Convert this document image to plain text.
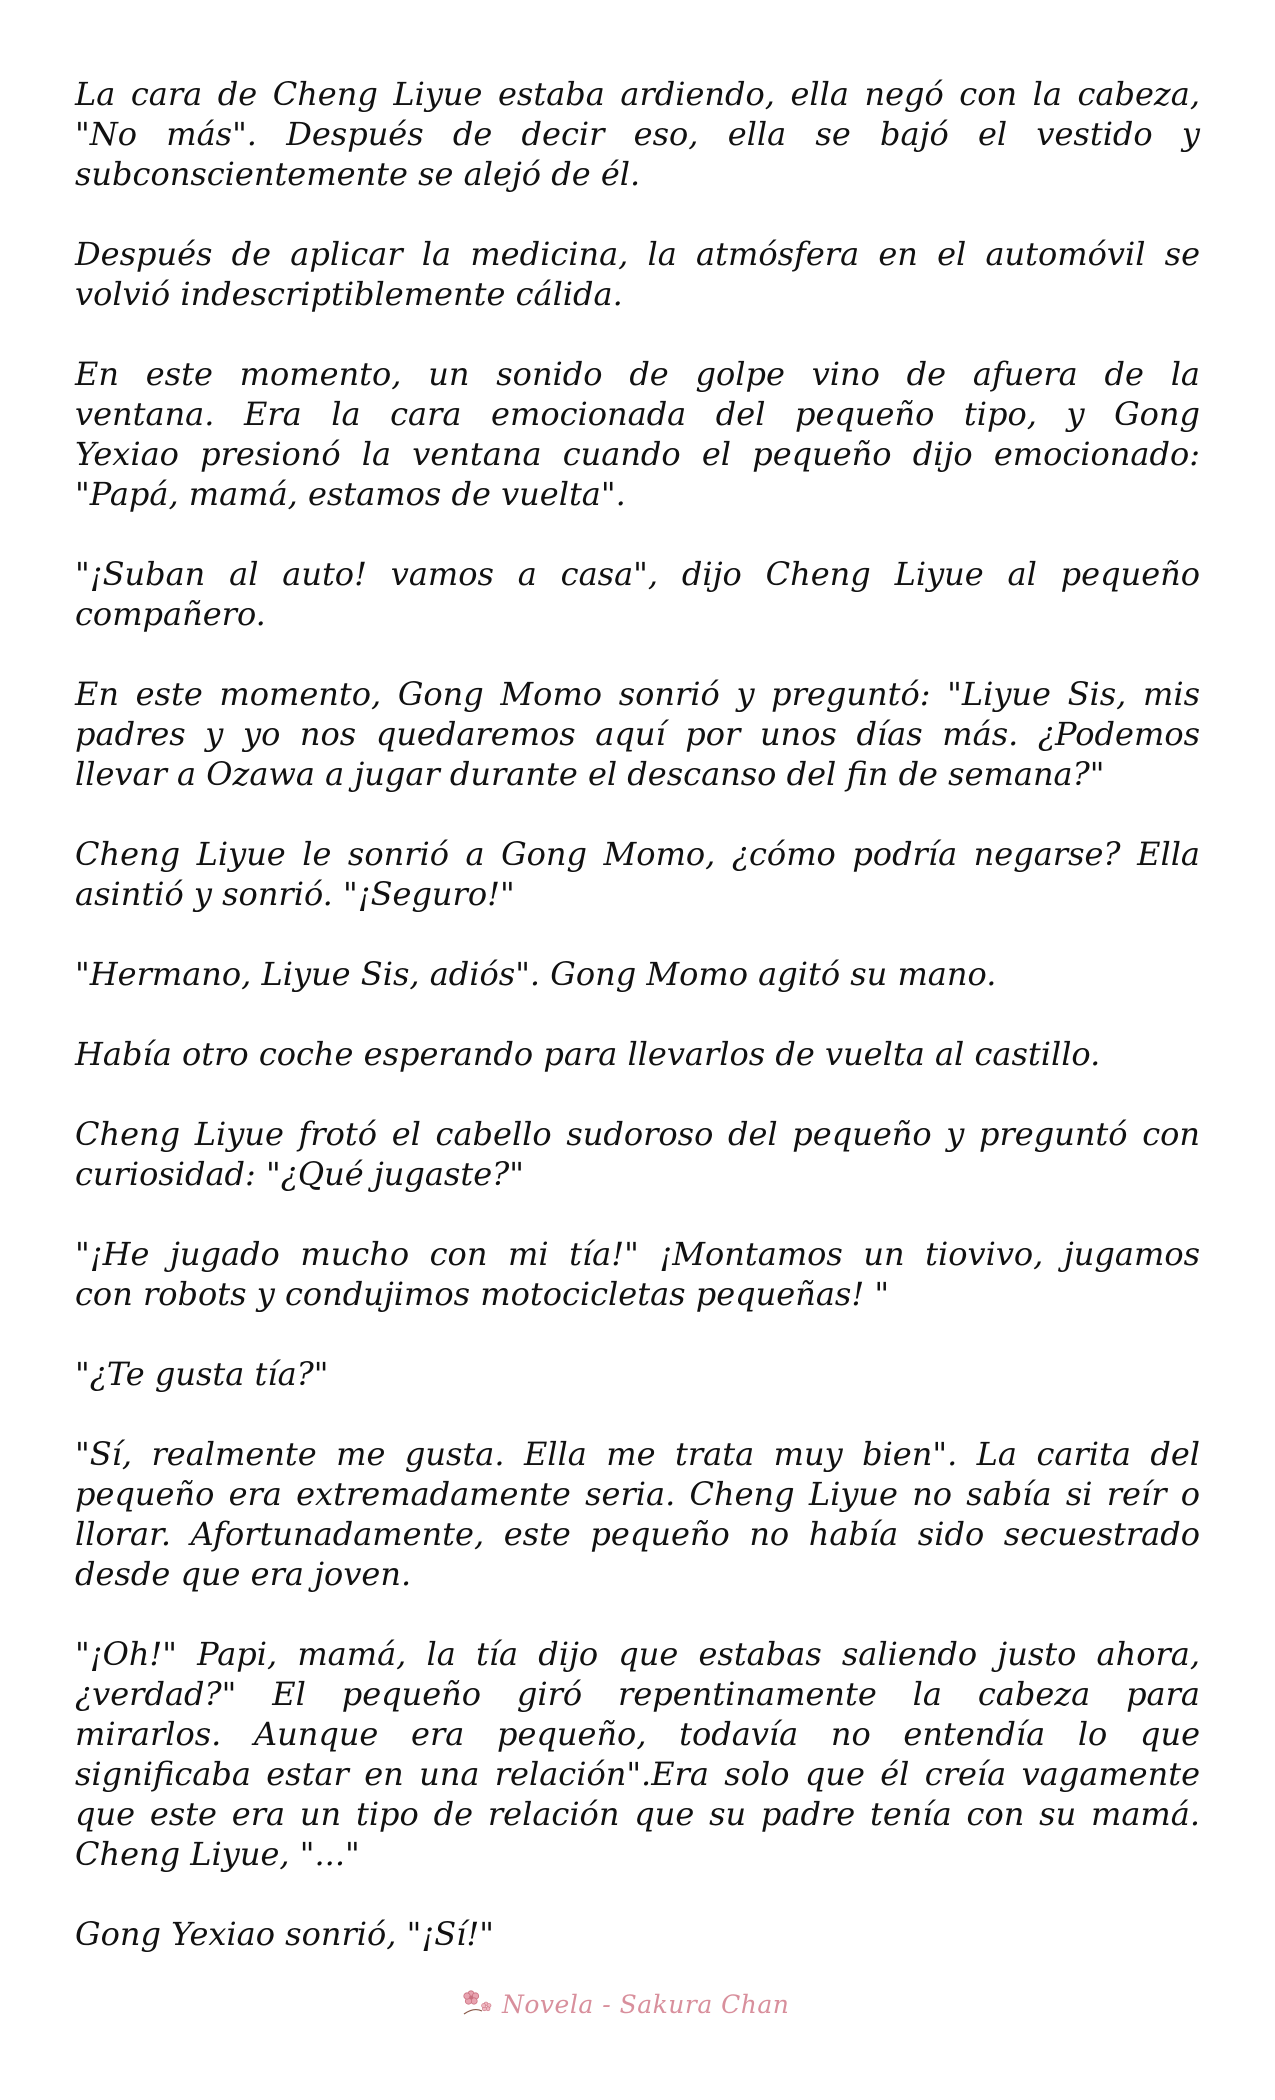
La cara de Cheng Liyue estaba ardiendo, ella negó con la cabeza,
"No más". Después de decir eso, ella se bajó el vestido y
subconscientemente se alejó de él.
Después de aplicar la medicina, la atmósfera en el automóvil se
volvió indescriptiblemente cálida.
En este momento, un sonido de golpe vino de afuera de la
ventana. Era la cara emocionada del pequeño tipo, y Gong
Yexiao presionó la ventana cuando el pequeño dijo emocionado:
"Papá, mamá, estamos de vuelta".
"¡Suban al auto! vamos a casa", dijo Cheng Liyue al pequeño
compañero.
En este momento, Gong Momo sonrió y preguntó: "Liyue Sis, mis
padres y yo nos quedaremos aquí por unos días más. ¿Podemos
llevar a Ozawa a jugar durante el descanso del fin de semana?"
Cheng Liyue le sonrió a Gong Momo, ¿cómo podría negarse? Ella
asintió y sonrió. "¡Seguro!"
"Hermano, Liyue Sis, adiós". Gong Momo agitó su mano.
Había otro coche esperando para llevarlos de vuelta al castillo.
Cheng Liyue frotó el cabello sudoroso del pequeño y preguntó con
curiosidad: "¿Qué jugaste?"
"¡He jugado mucho con mi tía!" ¡Montamos un tiovivo, jugamos
con robots y condujimos motocicletas pequeñas! "
"¿Te gusta tía?"
"Sí, realmente me gusta. Ella me trata muy bien". La carita del
pequeño era extremadamente seria. Cheng Liyue no sabía si reír o
llorar. Afortunadamente, este pequeño no había sido secuestrado
desde que era joven.
"¡Oh!" Papi, mamá, la tía dijo que estabas saliendo justo ahora,
¿verdad?" El pequeño giró repentinamente la cabeza para
mirarlos. Aunque era pequeño, todavía no entendía lo que
significaba estar en una relación".Era solo que él creía vagamente
que este era un tipo de relación que su padre tenía con su mamá.
Cheng Liyue, "..."
Gong Yexiao sonrió, "¡Sí!"
Novela - Sakura Chan
